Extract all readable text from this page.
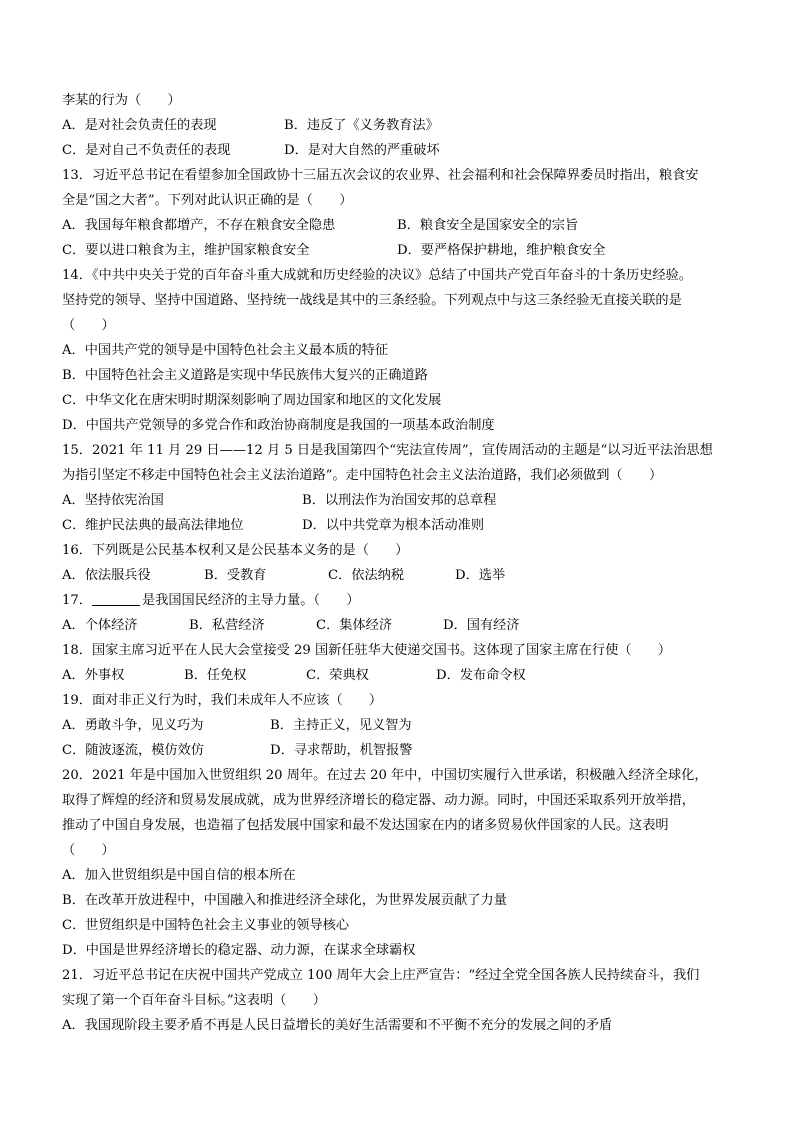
李某的行为（　　）
A．是对社会负责任的表现	B．违反了《义务教育法》
C．是对自己不负责任的表现	D．是对大自然的严重破坏
13．习近平总书记在看望参加全国政协十三届五次会议的农业界、社会福利和社会保障界委员时指出，粮食安
全是“国之大者”。下列对此认识正确的是（　　）
A．我国每年粮食都增产，不存在粮食安全隐患	B．粮食安全是国家安全的宗旨
C．要以进口粮食为主，维护国家粮食安全	D．要严格保护耕地，维护粮食安全
14．《中共中央关于党的百年奋斗重大成就和历史经验的决议》总结了中国共产党百年奋斗的十条历史经验。
坚持党的领导、坚持中国道路、坚持统一战线是其中的三条经验。下列观点中与这三条经验无直接关联的是
（　　）
A．中国共产党的领导是中国特色社会主义最本质的特征
B．中国特色社会主义道路是实现中华民族伟大复兴的正确道路
C．中华文化在唐宋明时期深刻影响了周边国家和地区的文化发展
D．中国共产党领导的多党合作和政治协商制度是我国的一项基本政治制度
15．2021 年 11 月 29 日——12 月 5 日是我国第四个“宪法宣传周”，宣传周活动的主题是“以习近平法治思想
为指引坚定不移走中国特色社会主义法治道路”。走中国特色社会主义法治道路，我们必须做到（　　）
A．坚持依宪治国	B．以刑法作为治国安邦的总章程
C．维护民法典的最高法律地位	D．以中共党章为根本活动准则
16．下列既是公民基本权利又是公民基本义务的是（　　）
A．依法服兵役	B．受教育	C．依法纳税	D．选举
17．	是我国国民经济的主导力量。（　　）
A．个体经济	B．私营经济	C．集体经济	D．国有经济
18．国家主席习近平在人民大会堂接受 29 国新任驻华大使递交国书。这体现了国家主席在行使（　　）
A．外事权	B．任免权	C．荣典权	D．发布命令权
19．面对非正义行为时，我们未成年人不应该（　　）
A．勇敢斗争，见义巧为	B．主持正义，见义智为
C．随波逐流，模仿效仿	D．寻求帮助，机智报警
20．2021 年是中国加入世贸组织 20 周年。在过去 20 年中，中国切实履行入世承诺，积极融入经济全球化，
取得了辉煌的经济和贸易发展成就，成为世界经济增长的稳定器、动力源。同时，中国还采取系列开放举措，
推动了中国自身发展，也造福了包括发展中国家和最不发达国家在内的诸多贸易伙伴国家的人民。这表明
（　　）
A．加入世贸组织是中国自信的根本所在
B．在改革开放进程中，中国融入和推进经济全球化，为世界发展贡献了力量
C．世贸组织是中国特色社会主义事业的领导核心
D．中国是世界经济增长的稳定器、动力源，在谋求全球霸权
21．习近平总书记在庆祝中国共产党成立 100 周年大会上庄严宣告：“经过全党全国各族人民持续奋斗，我们
实现了第一个百年奋斗目标。”这表明（　　）
A．我国现阶段主要矛盾不再是人民日益增长的美好生活需要和不平衡不充分的发展之间的矛盾
